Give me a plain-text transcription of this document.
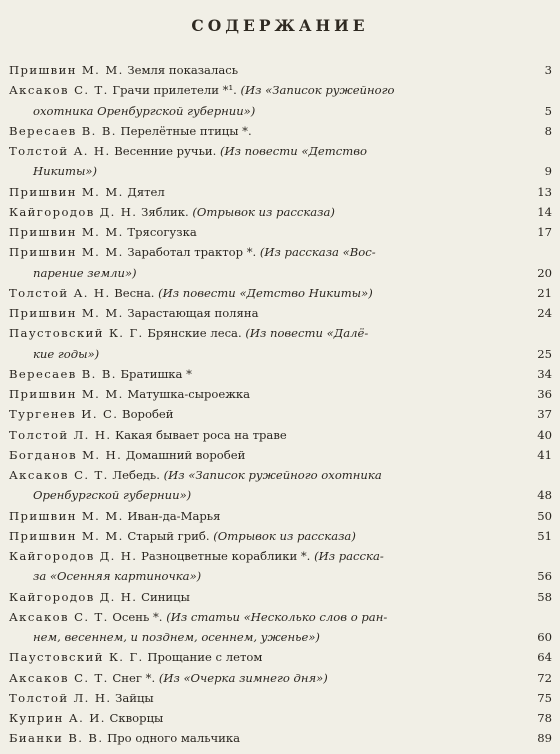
СОДЕРЖАНИЕ
Пришвин М. М. Земля показалась	3
Аксаков С. Т. Грачи прилетели *¹. (Из «Записок ружейного
охотника Оренбургской губернии»)	5
Вересаев В. В. Перелётные птицы *.	8
Толстой А. Н. Весенние ручьи. (Из повести «Детство
Никиты»)	9
Пришвин М. М. Дятел	13
Кайгородов Д. Н. Зяблик. (Отрывок из рассказа)	14
Пришвин М. М. Трясогузка	17
Пришвин М. М. Заработал трактор *. (Из рассказа «Вос-
парение земли»)	20
Толстой А. Н. Весна. (Из повести «Детство Никиты»)	21
Пришвин М. М. Зарастающая поляна	24
Паустовский К. Г. Брянские леса. (Из повести «Далё-
кие годы»)	25
Вересаев В. В. Братишка *	34
Пришвин М. М. Матушка-сыроежка	36
Тургенев И. С. Воробей	37
Толстой Л. Н. Какая бывает роса на траве	40
Богданов М. Н. Домашний воробей	41
Аксаков С. Т. Лебедь. (Из «Записок ружейного охотника
Оренбургской губернии»)	48
Пришвин М. М. Иван-да-Марья	50
Пришвин М. М. Старый гриб. (Отрывок из рассказа)	51
Кайгородов Д. Н. Разноцветные кораблики *. (Из расска-
за «Осенняя картиночка»)	56
Кайгородов Д. Н. Синицы	58
Аксаков С. Т. Осень *. (Из статьи «Несколько слов о ран-
нем, весеннем, и позднем, осеннем, уженье»)	60
Паустовский К. Г. Прощание с летом	64
Аксаков С. Т. Снег *. (Из «Очерка зимнего дня»)	72
Толстой Л. Н. Зайцы	75
Куприн А. И. Скворцы	78
Бианки В. В. Про одного мальчика	89
